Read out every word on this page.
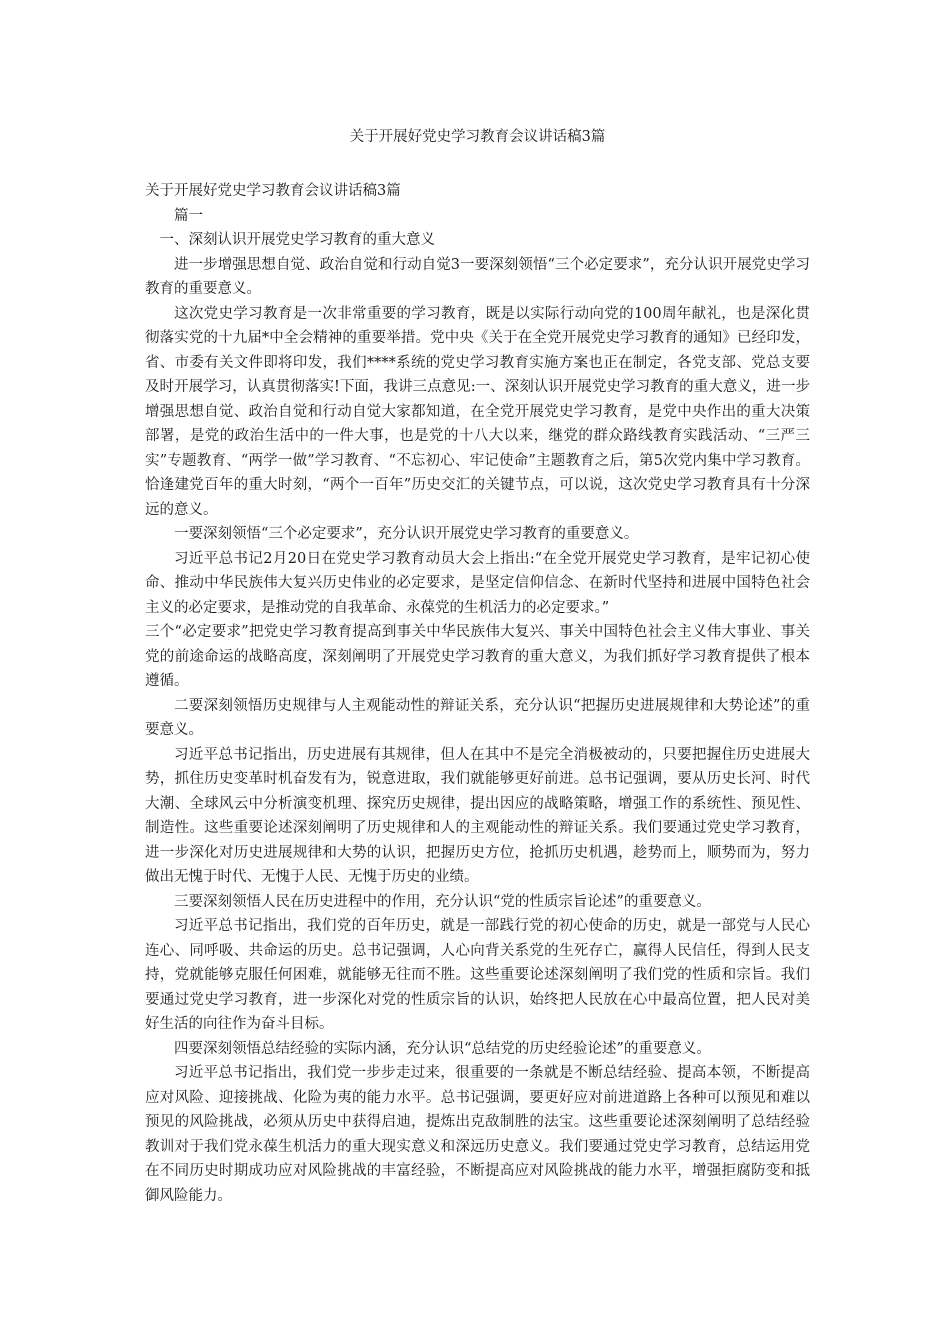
关于开展好党史学习教育会议讲话稿3篇

关于开展好党史学习教育会议讲话稿3篇

篇一

一、深刻认识开展党史学习教育的重大意义

进一步增强思想自觉、政治自觉和行动自觉3一要深刻领悟“三个必定要求”，充分认识开展党史学习教育的重要意义。

这次党史学习教育是一次非常重要的学习教育，既是以实际行动向党的100周年献礼，也是深化贯彻落实党的十九届*中全会精神的重要举措。党中央《关于在全党开展党史学习教育的通知》已经印发，省、市委有关文件即将印发，我们****系统的党史学习教育实施方案也正在制定，各党支部、党总支要及时开展学习，认真贯彻落实!下面，我讲三点意见:一、深刻认识开展党史学习教育的重大意义，进一步增强思想自觉、政治自觉和行动自觉大家都知道，在全党开展党史学习教育，是党中央作出的重大决策部署，是党的政治生活中的一件大事，也是党的十八大以来，继党的群众路线教育实践活动、“三严三实”专题教育、“两学一做”学习教育、“不忘初心、牢记使命”主题教育之后，第5次党内集中学习教育。恰逢建党百年的重大时刻，“两个一百年”历史交汇的关键节点，可以说，这次党史学习教育具有十分深远的意义。

一要深刻领悟“三个必定要求”，充分认识开展党史学习教育的重要意义。

习近平总书记2月20日在党史学习教育动员大会上指出:“在全党开展党史学习教育，是牢记初心使命、推动中华民族伟大复兴历史伟业的必定要求，是坚定信仰信念、在新时代坚持和进展中国特色社会主义的必定要求，是推动党的自我革命、永葆党的生机活力的必定要求。”

三个“必定要求”把党史学习教育提高到事关中华民族伟大复兴、事关中国特色社会主义伟大事业、事关党的前途命运的战略高度，深刻阐明了开展党史学习教育的重大意义，为我们抓好学习教育提供了根本遵循。

二要深刻领悟历史规律与人主观能动性的辩证关系，充分认识“把握历史进展规律和大势论述”的重要意义。

习近平总书记指出，历史进展有其规律，但人在其中不是完全消极被动的，只要把握住历史进展大势，抓住历史变革时机奋发有为，锐意进取，我们就能够更好前进。总书记强调，要从历史长河、时代大潮、全球风云中分析演变机理、探究历史规律，提出因应的战略策略，增强工作的系统性、预见性、制造性。这些重要论述深刻阐明了历史规律和人的主观能动性的辩证关系。我们要通过党史学习教育，进一步深化对历史进展规律和大势的认识，把握历史方位，抢抓历史机遇，趁势而上，顺势而为，努力做出无愧于时代、无愧于人民、无愧于历史的业绩。

三要深刻领悟人民在历史进程中的作用，充分认识“党的性质宗旨论述”的重要意义。

习近平总书记指出，我们党的百年历史，就是一部践行党的初心使命的历史，就是一部党与人民心连心、同呼吸、共命运的历史。总书记强调，人心向背关系党的生死存亡，赢得人民信任，得到人民支持，党就能够克服任何困难，就能够无往而不胜。这些重要论述深刻阐明了我们党的性质和宗旨。我们要通过党史学习教育，进一步深化对党的性质宗旨的认识，始终把人民放在心中最高位置，把人民对美好生活的向往作为奋斗目标。

四要深刻领悟总结经验的实际内涵，充分认识“总结党的历史经验论述”的重要意义。

习近平总书记指出，我们党一步步走过来，很重要的一条就是不断总结经验、提高本领，不断提高应对风险、迎接挑战、化险为夷的能力水平。总书记强调，要更好应对前进道路上各种可以预见和难以预见的风险挑战，必须从历史中获得启迪，提炼出克敌制胜的法宝。这些重要论述深刻阐明了总结经验教训对于我们党永葆生机活力的重大现实意义和深远历史意义。我们要通过党史学习教育，总结运用党在不同历史时期成功应对风险挑战的丰富经验，不断提高应对风险挑战的能力水平，增强拒腐防变和抵御风险能力。
